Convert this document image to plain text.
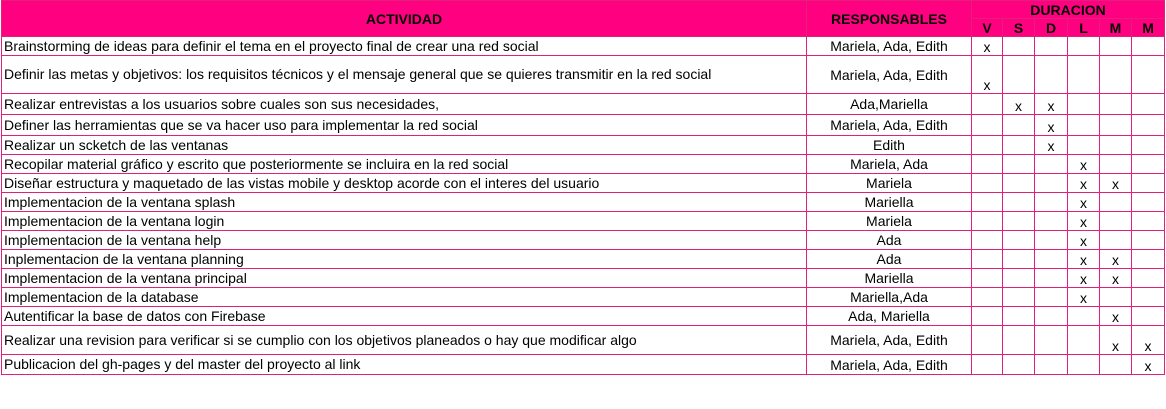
ACTIVIDAD	RESPONSABLES	DURACION					
		V	S	D	L	M	M
Brainstorming de ideas para definir el tema en el proyecto final de crear una red social	Mariela, Ada, Edith	x					
Definir las metas y objetivos: los requisitos técnicos y el mensaje general que se quieres transmitir en la red social	Mariela, Ada, Edith	x					
Realizar entrevistas a los usuarios sobre cuales son sus necesidades,	Ada,Mariella		x	x			
Definer las herramientas que se va hacer uso para implementar la red social	Mariela, Ada, Edith			x			
Realizar un scketch de las ventanas	Edith			x			
Recopilar material gráfico y escrito que posteriormente se incluira en la red social	Mariela, Ada				x		
Diseñar estructura y maquetado de las vistas mobile y desktop acorde con el interes del usuario	Mariela				x	x	
Implementacion de la ventana splash	Mariella				x		
Implementacion de la ventana login	Mariela				x		
Implementacion de la ventana help	Ada				x		
Inplementacion de la ventana planning	Ada				x	x	
Implementacion de la ventana principal	Mariella				x	x	
Implementacion de la database	Mariella,Ada				x		
Autentificar la base de datos con Firebase	Ada, Mariella					x	
Realizar una revision para verificar si se cumplio con los objetivos planeados o hay que modificar algo	Mariela, Ada, Edith					x	x
Publicacion del gh-pages y del master del proyecto al link	Mariela, Ada, Edith						x
